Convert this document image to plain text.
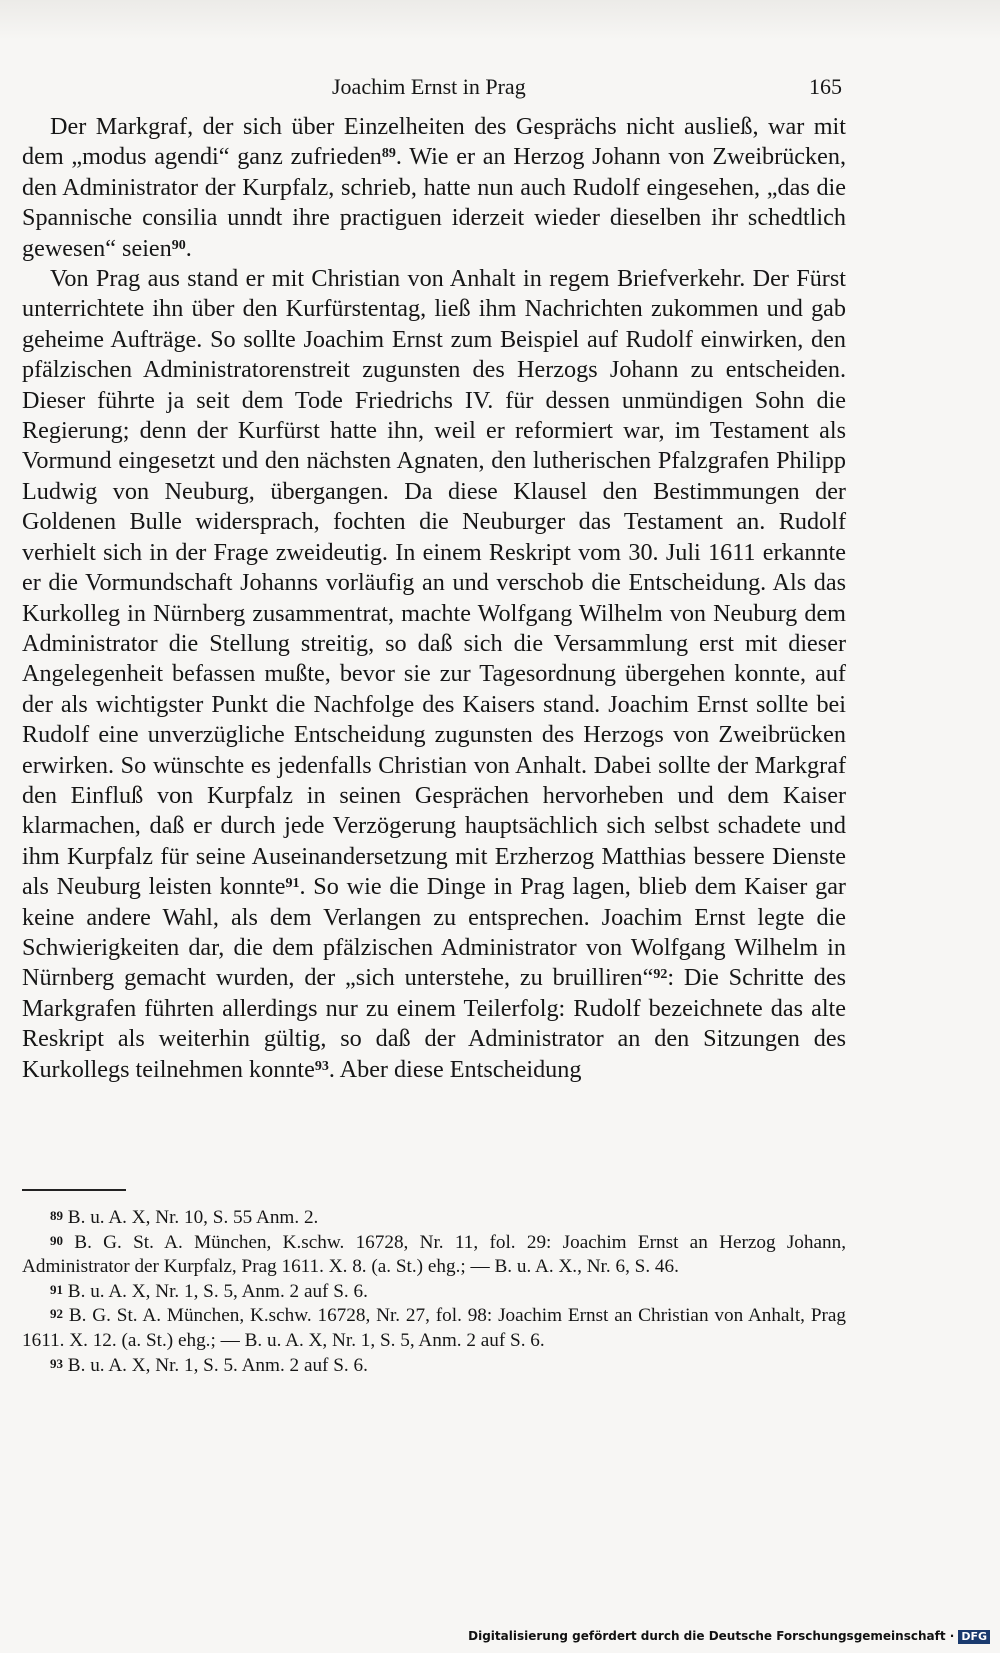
Joachim Ernst in Prag	165

Der Markgraf, der sich über Einzelheiten des Gesprächs nicht ausließ, war mit dem „modus agendi“ ganz zufrieden$^{89}$. Wie er an Herzog Johann von Zweibrücken, den Administrator der Kurpfalz, schrieb, hatte nun auch Rudolf eingesehen, „das die Spannische consilia unndt ihre practiguen iderzeit wieder dieselben ihr schedtlich gewesen“ seien$^{90}$.

Von Prag aus stand er mit Christian von Anhalt in regem Briefverkehr. Der Fürst unterrichtete ihn über den Kurfürstentag, ließ ihm Nachrichten zukommen und gab geheime Aufträge. So sollte Joachim Ernst zum Beispiel auf Rudolf einwirken, den pfälzischen Administratorenstreit zugunsten des Herzogs Johann zu entscheiden. Dieser führte ja seit dem Tode Friedrichs IV. für dessen unmündigen Sohn die Regierung; denn der Kurfürst hatte ihn, weil er reformiert war, im Testament als Vormund eingesetzt und den nächsten Agnaten, den lutherischen Pfalzgrafen Philipp Ludwig von Neuburg, übergangen. Da diese Klausel den Bestimmungen der Goldenen Bulle widersprach, fochten die Neuburger das Testament an. Rudolf verhielt sich in der Frage zweideutig. In einem Reskript vom 30. Juli 1611 erkannte er die Vormundschaft Johanns vorläufig an und verschob die Entscheidung. Als das Kurkolleg in Nürnberg zusammentrat, machte Wolfgang Wilhelm von Neuburg dem Administrator die Stellung streitig, so daß sich die Versammlung erst mit dieser Angelegenheit befassen mußte, bevor sie zur Tagesordnung übergehen konnte, auf der als wichtigster Punkt die Nachfolge des Kaisers stand. Joachim Ernst sollte bei Rudolf eine unverzügliche Entscheidung zugunsten des Herzogs von Zweibrücken erwirken. So wünschte es jedenfalls Christian von Anhalt. Dabei sollte der Markgraf den Einfluß von Kurpfalz in seinen Gesprächen hervorheben und dem Kaiser klarmachen, daß er durch jede Verzögerung hauptsächlich sich selbst schadete und ihm Kurpfalz für seine Auseinandersetzung mit Erzherzog Matthias bessere Dienste als Neuburg leisten konnte$^{91}$. So wie die Dinge in Prag lagen, blieb dem Kaiser gar keine andere Wahl, als dem Verlangen zu entsprechen. Joachim Ernst legte die Schwierigkeiten dar, die dem pfälzischen Administrator von Wolfgang Wilhelm in Nürnberg gemacht wurden, der „sich unterstehe, zu bruilliren“$^{92}$: Die Schritte des Markgrafen führten allerdings nur zu einem Teilerfolg: Rudolf bezeichnete das alte Reskript als weiterhin gültig, so daß der Administrator an den Sitzungen des Kurkollegs teilnehmen konnte$^{93}$. Aber diese Entscheidung

$^{89}$ B. u. A. X, Nr. 10, S. 55 Anm. 2.

$^{90}$ B. G. St. A. München, K.schw. 16728, Nr. 11, fol. 29: Joachim Ernst an Herzog Johann, Administrator der Kurpfalz, Prag 1611. X. 8. (a. St.) ehg.; — B. u. A. X., Nr. 6, S. 46.

$^{91}$ B. u. A. X, Nr. 1, S. 5, Anm. 2 auf S. 6.

$^{92}$ B. G. St. A. München, K.schw. 16728, Nr. 27, fol. 98: Joachim Ernst an Christian von Anhalt, Prag 1611. X. 12. (a. St.) ehg.; — B. u. A. X, Nr. 1, S. 5, Anm. 2 auf S. 6.

$^{93}$ B. u. A. X, Nr. 1, S. 5. Anm. 2 auf S. 6.

Digitalisierung gefördert durch die Deutsche Forschungsgemeinschaft · DFG
